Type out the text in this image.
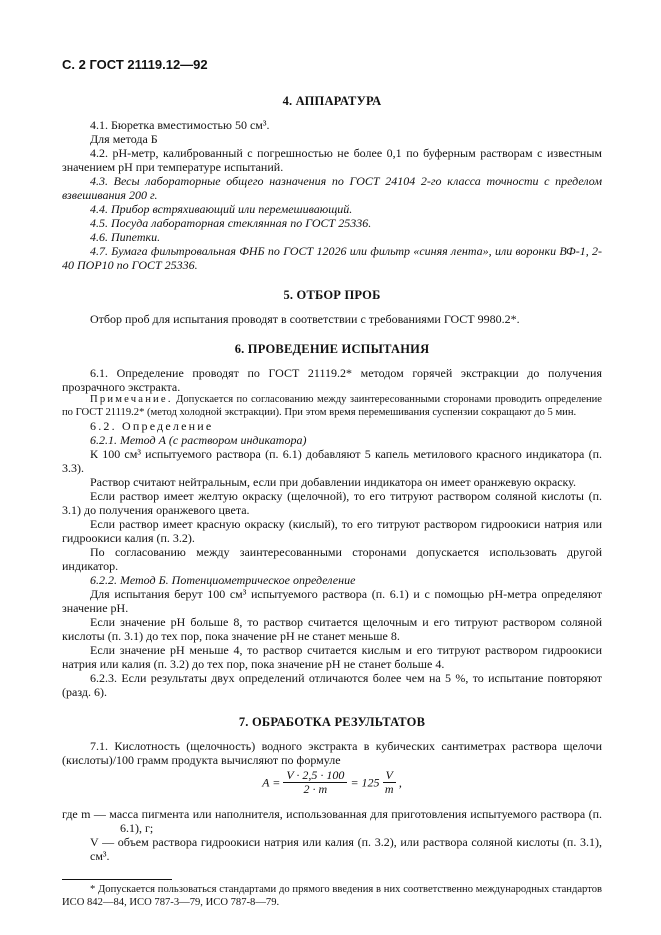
С. 2 ГОСТ 21119.12—92
4. АППАРАТУРА

4.1. Бюретка вместимостью 50 см³.

Для метода Б

4.2. pH-метр, калиброванный с погрешностью не более 0,1 по буферным растворам с известным значением pH при температуре испытаний.

4.3. Весы лабораторные общего назначения по ГОСТ 24104 2-го класса точности с пределом взвешивания 200 г.

4.4. Прибор встряхивающий или перемешивающий.

4.5. Посуда лабораторная стеклянная по ГОСТ 25336.

4.6. Пипетки.

4.7. Бумага фильтровальная ФНБ по ГОСТ 12026 или фильтр «синяя лента», или воронки ВФ-1, 2-40 ПОР10 по ГОСТ 25336.

5. ОТБОР ПРОБ

Отбор проб для испытания проводят в соответствии с требованиями ГОСТ 9980.2*.

6. ПРОВЕДЕНИЕ ИСПЫТАНИЯ

6.1. Определение проводят по ГОСТ 21119.2* методом горячей экстракции до получения прозрачного экстракта.

Примечание. Допускается по согласованию между заинтересованными сторонами проводить определение по ГОСТ 21119.2* (метод холодной экстракции). При этом время перемешивания суспензии сокращают до 5 мин.

6.2. Определение

6.2.1. Метод А (с раствором индикатора)

К 100 см³ испытуемого раствора (п. 6.1) добавляют 5 капель метилового красного индикатора (п. 3.3).

Раствор считают нейтральным, если при добавлении индикатора он имеет оранжевую окраску.

Если раствор имеет желтую окраску (щелочной), то его титруют раствором соляной кислоты (п. 3.1) до получения оранжевого цвета.

Если раствор имеет красную окраску (кислый), то его титруют раствором гидроокиси натрия или гидроокиси калия (п. 3.2).

По согласованию между заинтересованными сторонами допускается использовать другой индикатор.

6.2.2. Метод Б. Потенциометрическое определение

Для испытания берут 100 см³ испытуемого раствора (п. 6.1) и с помощью pH-метра определяют значение pH.

Если значение pH больше 8, то раствор считается щелочным и его титруют раствором соляной кислоты (п. 3.1) до тех пор, пока значение pH не станет меньше 8.

Если значение pH меньше 4, то раствор считается кислым и его титруют раствором гидроокиси натрия или калия (п. 3.2) до тех пор, пока значение pH не станет больше 4.

6.2.3. Если результаты двух определений отличаются более чем на 5 %, то испытание повторяют (разд. 6).

7. ОБРАБОТКА РЕЗУЛЬТАТОВ

7.1. Кислотность (щелочность) водного экстракта в кубических сантиметрах раствора щелочи (кислоты)/100 грамм продукта вычисляют по формуле

$A = \frac{V \cdot 2,5 \cdot 100}{2 \cdot m} = 125 \frac{V}{m}$ ,

где m — масса пигмента или наполнителя, использованная для приготовления испытуемого раствора (п. 6.1), г;

V — объем раствора гидроокиси натрия или калия (п. 3.2), или раствора соляной кислоты (п. 3.1), см³.

* Допускается пользоваться стандартами до прямого введения в них соответственно международных стандартов ИСО 842—84, ИСО 787-3—79, ИСО 787-8—79.
